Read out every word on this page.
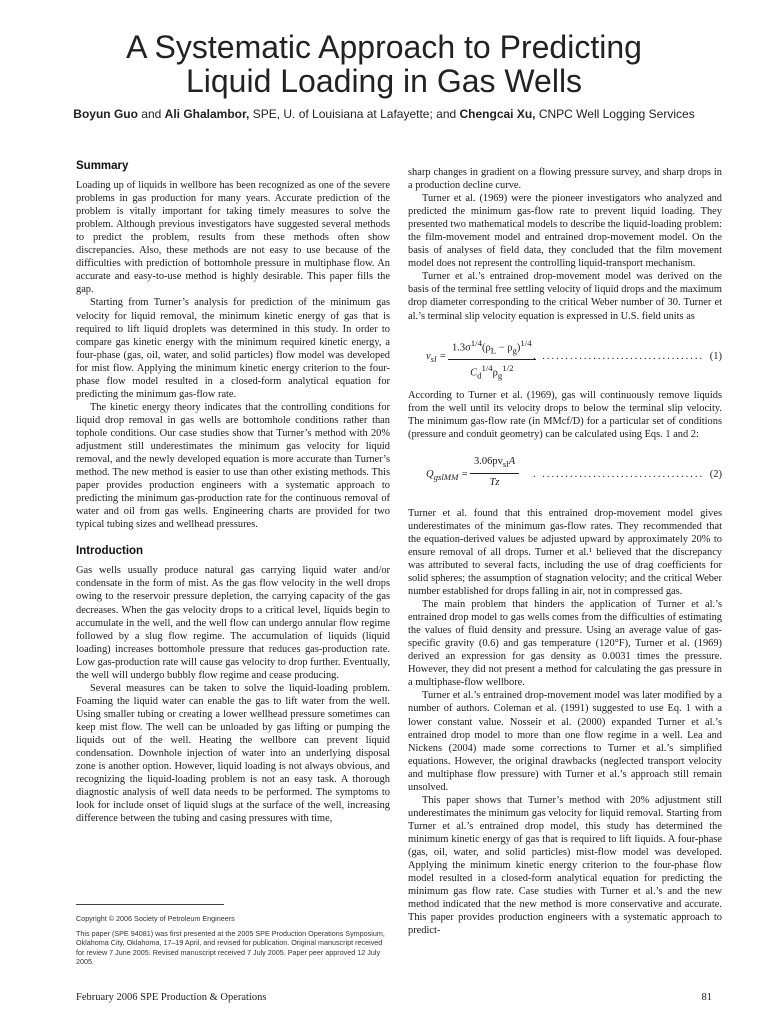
A Systematic Approach to Predicting
Liquid Loading in Gas Wells
Boyun Guo and Ali Ghalambor, SPE, U. of Louisiana at Lafayette; and Chengcai Xu, CNPC Well Logging Services
Summary

Loading up of liquids in wellbore has been recognized as one of the severe problems in gas production for many years. Accurate prediction of the problem is vitally important for taking timely measures to solve the problem. Although previous investigators have suggested several methods to predict the problem, results from these methods often show discrepancies. Also, these methods are not easy to use because of the difficulties with prediction of bottomhole pressure in multiphase flow. An accurate and easy-to-use method is highly desirable. This paper fills the gap.

Starting from Turner’s analysis for prediction of the minimum gas velocity for liquid removal, the minimum kinetic energy of gas that is required to lift liquid droplets was determined in this study. In order to compare gas kinetic energy with the minimum required kinetic energy, a four-phase (gas, oil, water, and solid particles) flow model was developed for mist flow. Applying the minimum kinetic energy criterion to the four-phase flow model resulted in a closed-form analytical equation for predicting the minimum gas-flow rate.

The kinetic energy theory indicates that the controlling conditions for liquid drop removal in gas wells are bottomhole conditions rather than tophole conditions. Our case studies show that Turner’s method with 20% adjustment still underestimates the minimum gas velocity for liquid removal, and the newly developed equation is more accurate than Turner’s method. The new method is easier to use than other existing methods. This paper provides production engineers with a systematic approach to predicting the minimum gas-production rate for the continuous removal of water and oil from gas wells. Engineering charts are provided for two typical tubing sizes and wellhead pressures.

Introduction

Gas wells usually produce natural gas carrying liquid water and/or condensate in the form of mist. As the gas flow velocity in the well drops owing to the reservoir pressure depletion, the carrying capacity of the gas decreases. When the gas velocity drops to a critical level, liquids begin to accumulate in the well, and the well flow can undergo annular flow regime followed by a slug flow regime. The accumulation of liquids (liquid loading) increases bottomhole pressure that reduces gas-production rate. Low gas-production rate will cause gas velocity to drop further. Eventually, the well will undergo bubbly flow regime and cease producing.

Several measures can be taken to solve the liquid-loading problem. Foaming the liquid water can enable the gas to lift water from the well. Using smaller tubing or creating a lower wellhead pressure sometimes can keep mist flow. The well can be unloaded by gas lifting or pumping the liquids out of the well. Heating the wellbore can prevent liquid condensation. Downhole injection of water into an underlying disposal zone is another option. However, liquid loading is not always obvious, and recognizing the liquid-loading problem is not an easy task. A thorough diagnostic analysis of well data needs to be performed. The symptoms to look for include onset of liquid slugs at the surface of the well, increasing difference between the tubing and casing pressures with time,

Copyright © 2006 Society of Petroleum Engineers

This paper (SPE 94081) was first presented at the 2005 SPE Production Operations Symposium, Oklahoma City, Oklahoma, 17–19 April, and revised for publication. Original manuscript received for review 7 June 2005. Revised manuscript received 7 July 2005. Paper peer approved 12 July 2005.

sharp changes in gradient on a flowing pressure survey, and sharp drops in a production decline curve.

Turner et al. (1969) were the pioneer investigators who analyzed and predicted the minimum gas-flow rate to prevent liquid loading. They presented two mathematical models to describe the liquid-loading problem: the film-movement model and entrained drop-movement model. On the basis of analyses of field data, they concluded that the film movement model does not represent the controlling liquid-transport mechanism.

Turner et al.’s entrained drop-movement model was derived on the basis of the terminal free settling velocity of liquid drops and the maximum drop diameter corresponding to the critical Weber number of 30. Turner et al.’s terminal slip velocity equation is expressed in U.S. field units as

$v_{sl} = \frac{1.3\sigma^{1/4}(\rho_L - \rho_g)^{1/4}}{C_d^{1/4}\rho_g^{1/2}}$
. ................................... (1)

According to Turner et al. (1969), gas will continuously remove liquids from the well until its velocity drops to below the terminal slip velocity. The minimum gas-flow rate (in MMcf/D) for a particular set of conditions (pressure and conduit geometry) can be calculated using Eqs. 1 and 2:

$Q_{gslMM}$ =
$3.06pv_{sl}A$
Tz
. ................................... (2)

Turner et al. found that this entrained drop-movement model gives underestimates of the minimum gas-flow rates. They recommended that the equation-derived values be adjusted upward by approximately 20% to ensure removal of all drops. Turner et al.¹ believed that the discrepancy was attributed to several facts, including the use of drag coefficients for solid spheres; the assumption of stagnation velocity; and the critical Weber number established for drops falling in air, not in compressed gas.

The main problem that hinders the application of Turner et al.’s entrained drop model to gas wells comes from the difficulties of estimating the values of fluid density and pressure. Using an average value of gas-specific gravity (0.6) and gas temperature (120°F), Turner et al. (1969) derived an expression for gas density as 0.0031 times the pressure. However, they did not present a method for calculating the gas pressure in a multiphase-flow wellbore.

Turner et al.’s entrained drop-movement model was later modified by a number of authors. Coleman et al. (1991) suggested to use Eq. 1 with a lower constant value. Nosseir et al. (2000) expanded Turner et al.’s entrained drop model to more than one flow regime in a well. Lea and Nickens (2004) made some corrections to Turner et al.’s simplified equations. However, the original drawbacks (neglected transport velocity and multiphase flow pressure) with Turner et al.’s approach still remain unsolved.

This paper shows that Turner’s method with 20% adjustment still underestimates the minimum gas velocity for liquid removal. Starting from Turner et al.’s entrained drop model, this study has determined the minimum kinetic energy of gas that is required to lift liquids. A four-phase (gas, oil, water, and solid particles) mist-flow model was developed. Applying the minimum kinetic energy criterion to the four-phase flow model resulted in a closed-form analytical equation for predicting the minimum gas flow rate. Case studies with Turner et al.’s and the new method indicated that the new method is more conservative and accurate. This paper provides production engineers with a systematic approach to predict-

February 2006 SPE Production & Operations	81
